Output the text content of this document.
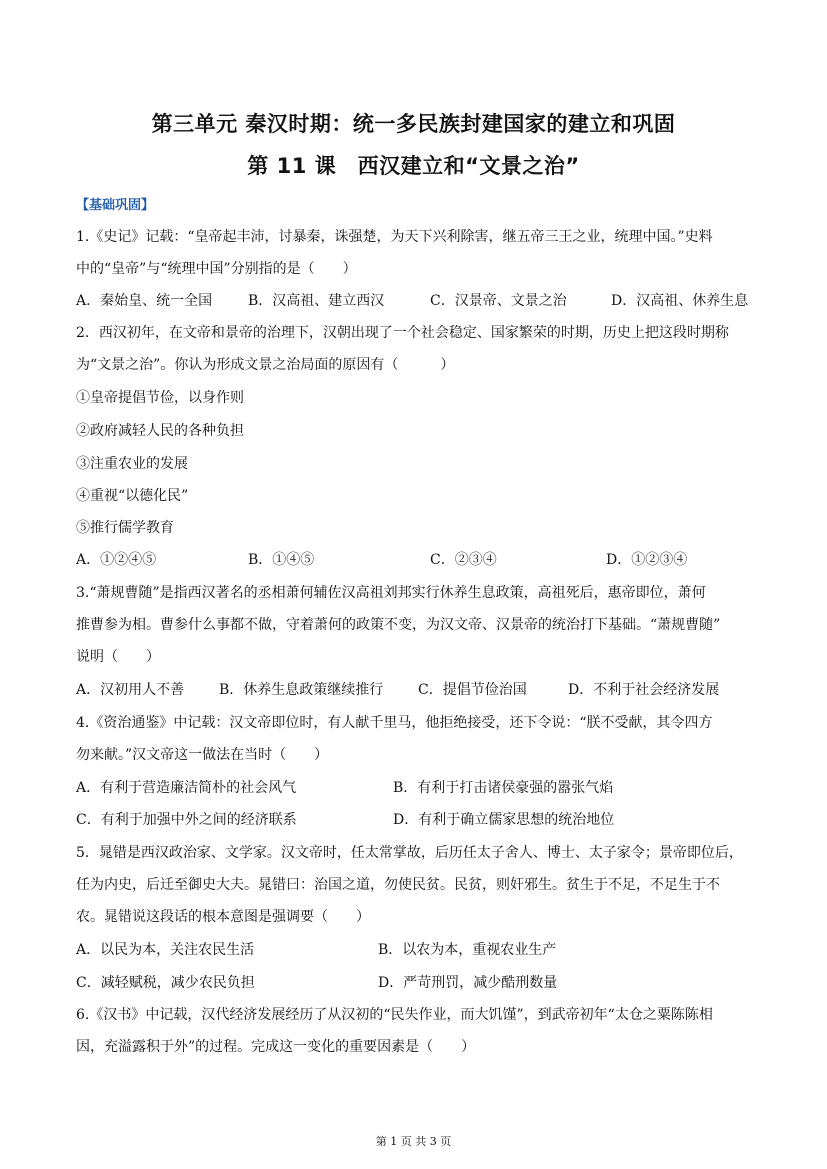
第三单元 秦汉时期：统一多民族封建国家的建立和巩固
第 11 课　西汉建立和“文景之治”
【基础巩固】
1.《史记》记载：“皇帝起丰沛，讨暴秦，诛强楚，为天下兴利除害，继五帝三王之业，统理中国。”史料
中的“皇帝”与“统理中国”分别指的是（　　）
A．秦始皇、统一全国	B．汉高祖、建立西汉	C．汉景帝、文景之治	D．汉高祖、休养生息
2．西汉初年，在文帝和景帝的治理下，汉朝出现了一个社会稳定、国家繁荣的时期，历史上把这段时期称
为“文景之治”。你认为形成文景之治局面的原因有（　　　）
①皇帝提倡节俭，以身作则
②政府减轻人民的各种负担
③注重农业的发展
④重视“以德化民”
⑤推行儒学教育
A．①②④⑤	B．①④⑤	C．②③④	D．①②③④
3.“萧规曹随”是指西汉著名的丞相萧何辅佐汉高祖刘邦实行休养生息政策，高祖死后，惠帝即位，萧何
推曹参为相。曹参什么事都不做，守着萧何的政策不变，为汉文帝、汉景帝的统治打下基础。“萧规曹随”
说明（　　）
A．汉初用人不善 B．休养生息政策继续推行 C．提倡节俭治国	D．不利于社会经济发展
4.《资治通鉴》中记载：汉文帝即位时，有人献千里马，他拒绝接受，还下令说：“朕不受献，其令四方
勿来献。”汉文帝这一做法在当时（　　）
A．有利于营造廉洁简朴的社会风气	B．有利于打击诸侯豪强的嚣张气焰
C．有利于加强中外之间的经济联系	D．有利于确立儒家思想的统治地位
5．晁错是西汉政治家、文学家。汉文帝时，任太常掌故，后历任太子舍人、博士、太子家令；景帝即位后，
任为内史，后迁至御史大夫。晁错曰：治国之道，勿使民贫。民贫，则奸邪生。贫生于不足，不足生于不
农。晁错说这段话的根本意图是强调要（　　）
A．以民为本，关注农民生活	B．以农为本，重视农业生产
C．减轻赋税，减少农民负担	D．严苛刑罚，减少酷刑数量
6.《汉书》中记载，汉代经济发展经历了从汉初的“民失作业，而大饥馑”，到武帝初年“太仓之粟陈陈相
因，充溢露积于外”的过程。完成这一变化的重要因素是（　　）
第 1 页 共 3 页
